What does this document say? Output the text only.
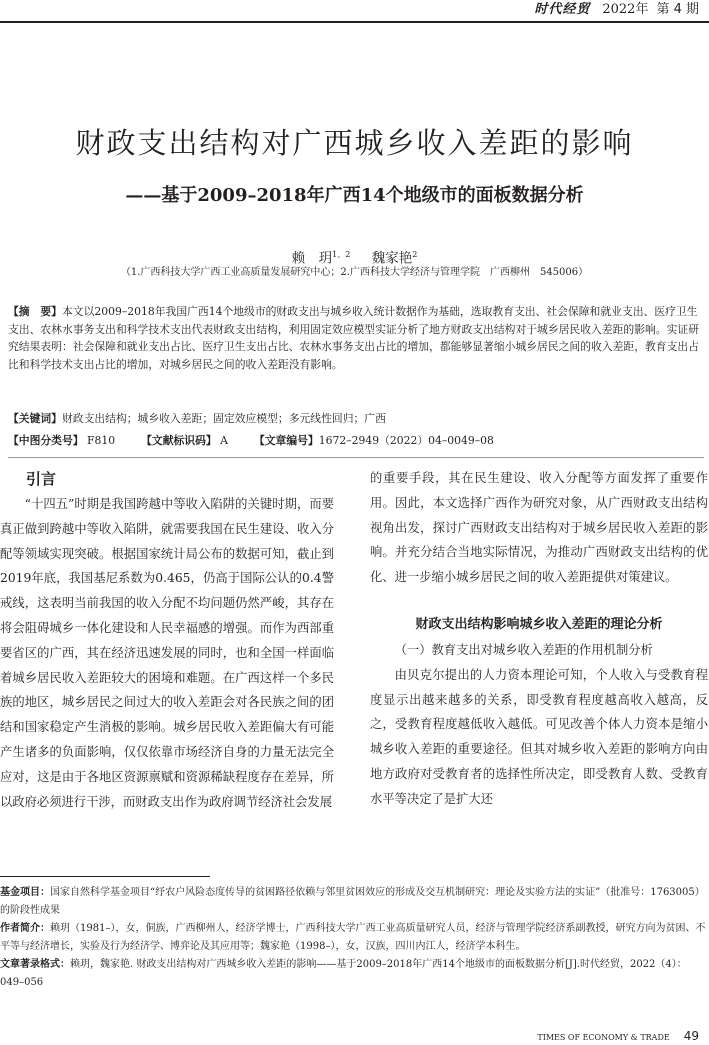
时代经贸 2022年 第 4 期
财政支出结构对广西城乡收入差距的影响
——基于2009–2018年广西14个地级市的面板数据分析
赖　玥$^{1、2}$ 魏家艳$^2$
（1.广西科技大学广西工业高质量发展研究中心；2.广西科技大学经济与管理学院　广西柳州　545006）
【摘　要】本文以2009–2018年我国广西14个地级市的财政支出与城乡收入统计数据作为基础，选取教育支出、社会保障和就业支出、医疗卫生支出、农林水事务支出和科学技术支出代表财政支出结构，利用固定效应模型实证分析了地方财政支出结构对于城乡居民收入差距的影响。实证研究结果表明：社会保障和就业支出占比、医疗卫生支出占比、农林水事务支出占比的增加，都能够显著缩小城乡居民之间的收入差距，教育支出占比和科学技术支出占比的增加，对城乡居民之间的收入差距没有影响。
【关键词】财政支出结构；城乡收入差距；固定效应模型；多元线性回归；广西
【中图分类号】 F810 【文献标识码】 A 【文章编号】1672–2949（2022）04–0049–08
引言

“十四五”时期是我国跨越中等收入陷阱的关键时期，而要真正做到跨越中等收入陷阱，就需要我国在民生建设、收入分配等领域实现突破。根据国家统计局公布的数据可知，截止到2019年底，我国基尼系数为0.465，仍高于国际公认的0.4警戒线，这表明当前我国的收入分配不均问题仍然严峻，其存在将会阻碍城乡一体化建设和人民幸福感的增强。而作为西部重要省区的广西，其在经济迅速发展的同时，也和全国一样面临着城乡居民收入差距较大的困境和难题。在广西这样一个多民族的地区，城乡居民之间过大的收入差距会对各民族之间的团结和国家稳定产生消极的影响。城乡居民收入差距偏大有可能产生诸多的负面影响，仅仅依靠市场经济自身的力量无法完全应对，这是由于各地区资源禀赋和资源稀缺程度存在差异，所以政府必须进行干涉，而财政支出作为政府调节经济社会发展

的重要手段，其在民生建设、收入分配等方面发挥了重要作用。因此，本文选择广西作为研究对象，从广西财政支出结构视角出发，探讨广西财政支出结构对于城乡居民收入差距的影响。并充分结合当地实际情况，为推动广西财政支出结构的优化、进一步缩小城乡居民之间的收入差距提供对策建议。

财政支出结构影响城乡收入差距的理论分析

（一）教育支出对城乡收入差距的作用机制分析

由贝克尔提出的人力资本理论可知，个人收入与受教育程度显示出越来越多的关系，即受教育程度越高收入越高，反之，受教育程度越低收入越低。可见改善个体人力资本是缩小城乡收入差距的重要途径。但其对城乡收入差距的影响方向由地方政府对受教育者的选择性所决定，即受教育人数、受教育水平等决定了是扩大还

基金项目：国家自然科学基金项目“纾农户风险态度传导的贫困路径依赖与邻里贫困效应的形成及交互机制研究：理论及实验方法的实证”（批准号：1763005）的阶段性成果

作者简介：赖玥（1981–），女，侗族，广西柳州人，经济学博士，广西科技大学广西工业高质量研究人员，经济与管理学院经济系副教授，研究方向为贫困、不平等与经济增长，实验及行为经济学、博弈论及其应用等；魏家艳（1998–），女，汉族，四川内江人，经济学本科生。

文章著录格式：赖玥，魏家艳. 财政支出结构对广西城乡收入差距的影响——基于2009–2018年广西14个地级市的面板数据分析[J].时代经贸，2022（4）：049–056

TIMES OF ECONOMY & TRADE 49
